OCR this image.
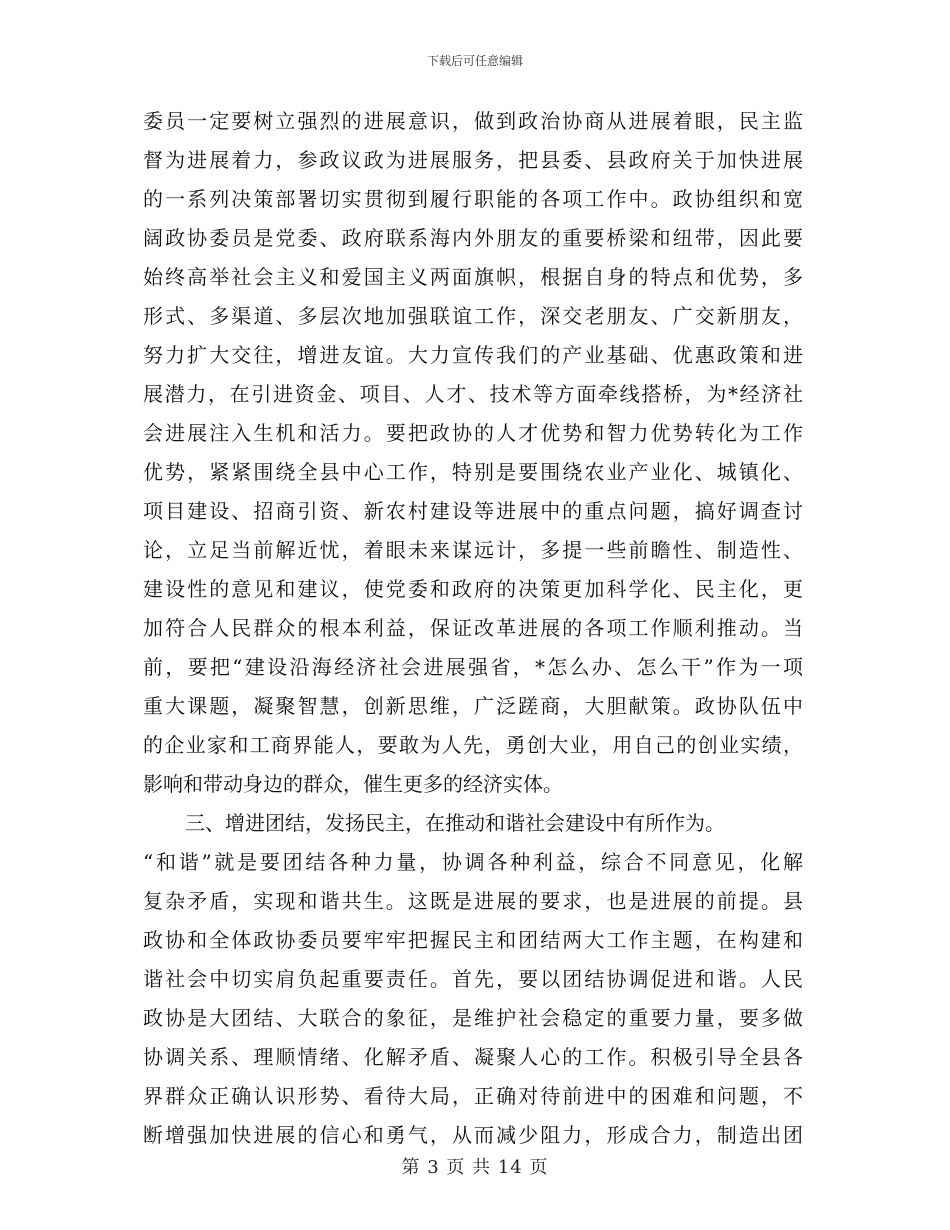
下载后可任意编辑
委员一定要树立强烈的进展意识，做到政治协商从进展着眼，民主监
督为进展着力，参政议政为进展服务，把县委、县政府关于加快进展
的一系列决策部署切实贯彻到履行职能的各项工作中。政协组织和宽
阔政协委员是党委、政府联系海内外朋友的重要桥梁和纽带，因此要
始终高举社会主义和爱国主义两面旗帜，根据自身的特点和优势，多
形式、多渠道、多层次地加强联谊工作，深交老朋友、广交新朋友，
努力扩大交往，增进友谊。大力宣传我们的产业基础、优惠政策和进
展潜力，在引进资金、项目、人才、技术等方面牵线搭桥，为*经济社
会进展注入生机和活力。要把政协的人才优势和智力优势转化为工作
优势，紧紧围绕全县中心工作，特别是要围绕农业产业化、城镇化、
项目建设、招商引资、新农村建设等进展中的重点问题，搞好调查讨
论，立足当前解近忧，着眼未来谋远计，多提一些前瞻性、制造性、
建设性的意见和建议，使党委和政府的决策更加科学化、民主化，更
加符合人民群众的根本利益，保证改革进展的各项工作顺利推动。当
前，要把“建设沿海经济社会进展强省，*怎么办、怎么干”作为一项
重大课题，凝聚智慧，创新思维，广泛蹉商，大胆献策。政协队伍中
的企业家和工商界能人，要敢为人先，勇创大业，用自己的创业实绩，
影响和带动身边的群众，催生更多的经济实体。
三、增进团结，发扬民主，在推动和谐社会建设中有所作为。
“和谐”就是要团结各种力量，协调各种利益，综合不同意见，化解
复杂矛盾，实现和谐共生。这既是进展的要求，也是进展的前提。县
政协和全体政协委员要牢牢把握民主和团结两大工作主题，在构建和
谐社会中切实肩负起重要责任。首先，要以团结协调促进和谐。人民
政协是大团结、大联合的象征，是维护社会稳定的重要力量，要多做
协调关系、理顺情绪、化解矛盾、凝聚人心的工作。积极引导全县各
界群众正确认识形势、看待大局，正确对待前进中的困难和问题，不
断增强加快进展的信心和勇气，从而减少阻力，形成合力，制造出团
第 3 页 共 14 页
